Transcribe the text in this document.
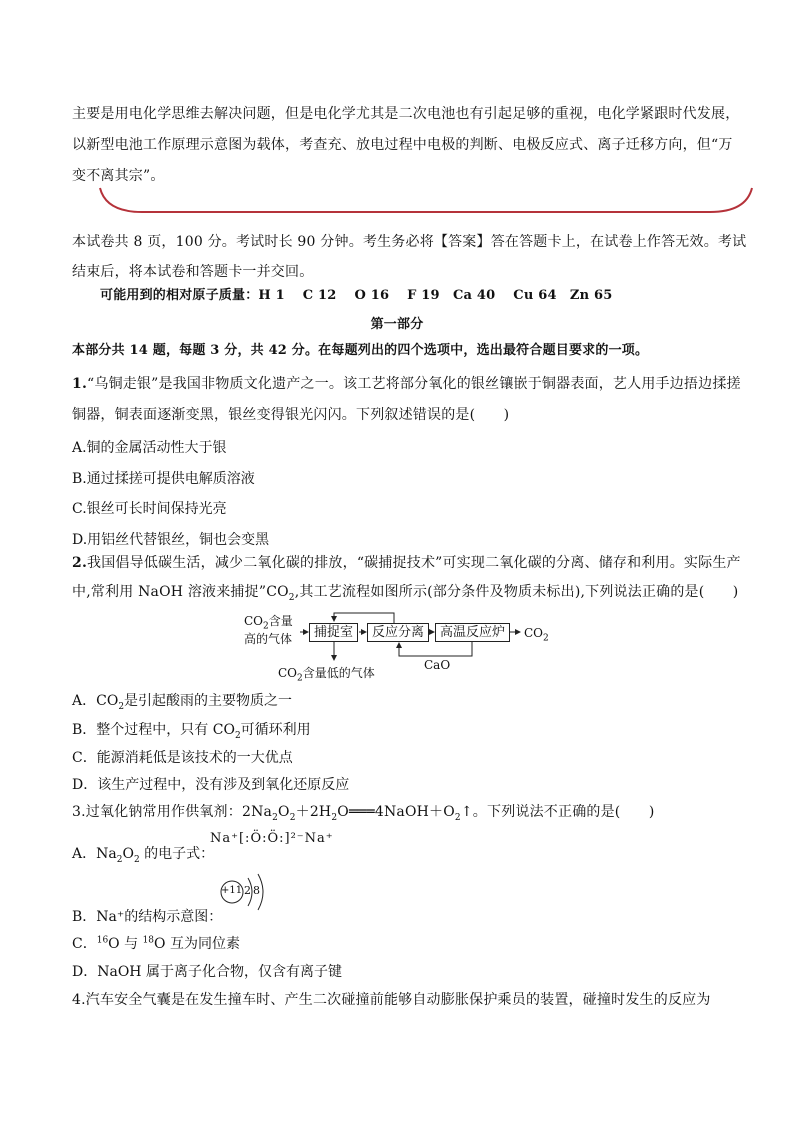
主要是用电化学思维去解决问题，但是电化学尤其是二次电池也有引起足够的重视，电化学紧跟时代发展，
以新型电池工作原理示意图为载体，考查充、放电过程中电极的判断、电极反应式、离子迁移方向，但“万
变不离其宗”。
本试卷共 8 页，100 分。考试时长 90 分钟。考生务必将【答案】答在答题卡上，在试卷上作答无效。考试
结束后，将本试卷和答题卡一并交回。
可能用到的相对原子质量：H 1　 C 12　 O 16　 F 19　Ca 40　 Cu 64　Zn 65
第一部分
本部分共 14 题，每题 3 分，共 42 分。在每题列出的四个选项中，选出最符合题目要求的一项。
1.“乌铜走银”是我国非物质文化遗产之一。该工艺将部分氧化的银丝镶嵌于铜器表面，艺人用手边捂边揉搓
铜器，铜表面逐渐变黑，银丝变得银光闪闪。下列叙述错误的是(　　)
A.铜的金属活动性大于银
B.通过揉搓可提供电解质溶液
C.银丝可长时间保持光亮
D.用铝丝代替银丝，铜也会变黑
2.我国倡导低碳生活，减少二氧化碳的排放，“碳捕捉技术”可实现二氧化碳的分离、储存和利用。实际生产
中,常利用 NaOH 溶液来捕捉$”CO_2$,其工艺流程如图所示(部分条件及物质未标出),下列说法正确的是(　　)
$CO_2$含量
高的气体	捕捉室	反应分离	高温反应炉	$CO_2$
CaO
$CO_2$含量低的气体
A．$CO_2$是引起酸雨的主要物质之一
B．整个过程中，只有 $CO_2$可循环利用
C．能源消耗低是该技术的一大优点
D．该生产过程中，没有涉及到氧化还原反应
3.过氧化钠常用作供氧剂：$2Na_2O_2+2H_2O═══4NaOH+O_2↑$。下列说法不正确的是(　　)
A．$Na_2O_2$ 的电子式：
Na⁺[:Ö:Ö:]²⁻Na⁺
+11 2 8
B．Na⁺的结构示意图：
C．$^{16}$O 与 $^{18}$O 互为同位素
D．NaOH 属于离子化合物，仅含有离子键
4.汽车安全气囊是在发生撞车时、产生二次碰撞前能够自动膨胀保护乘员的装置，碰撞时发生的反应为
